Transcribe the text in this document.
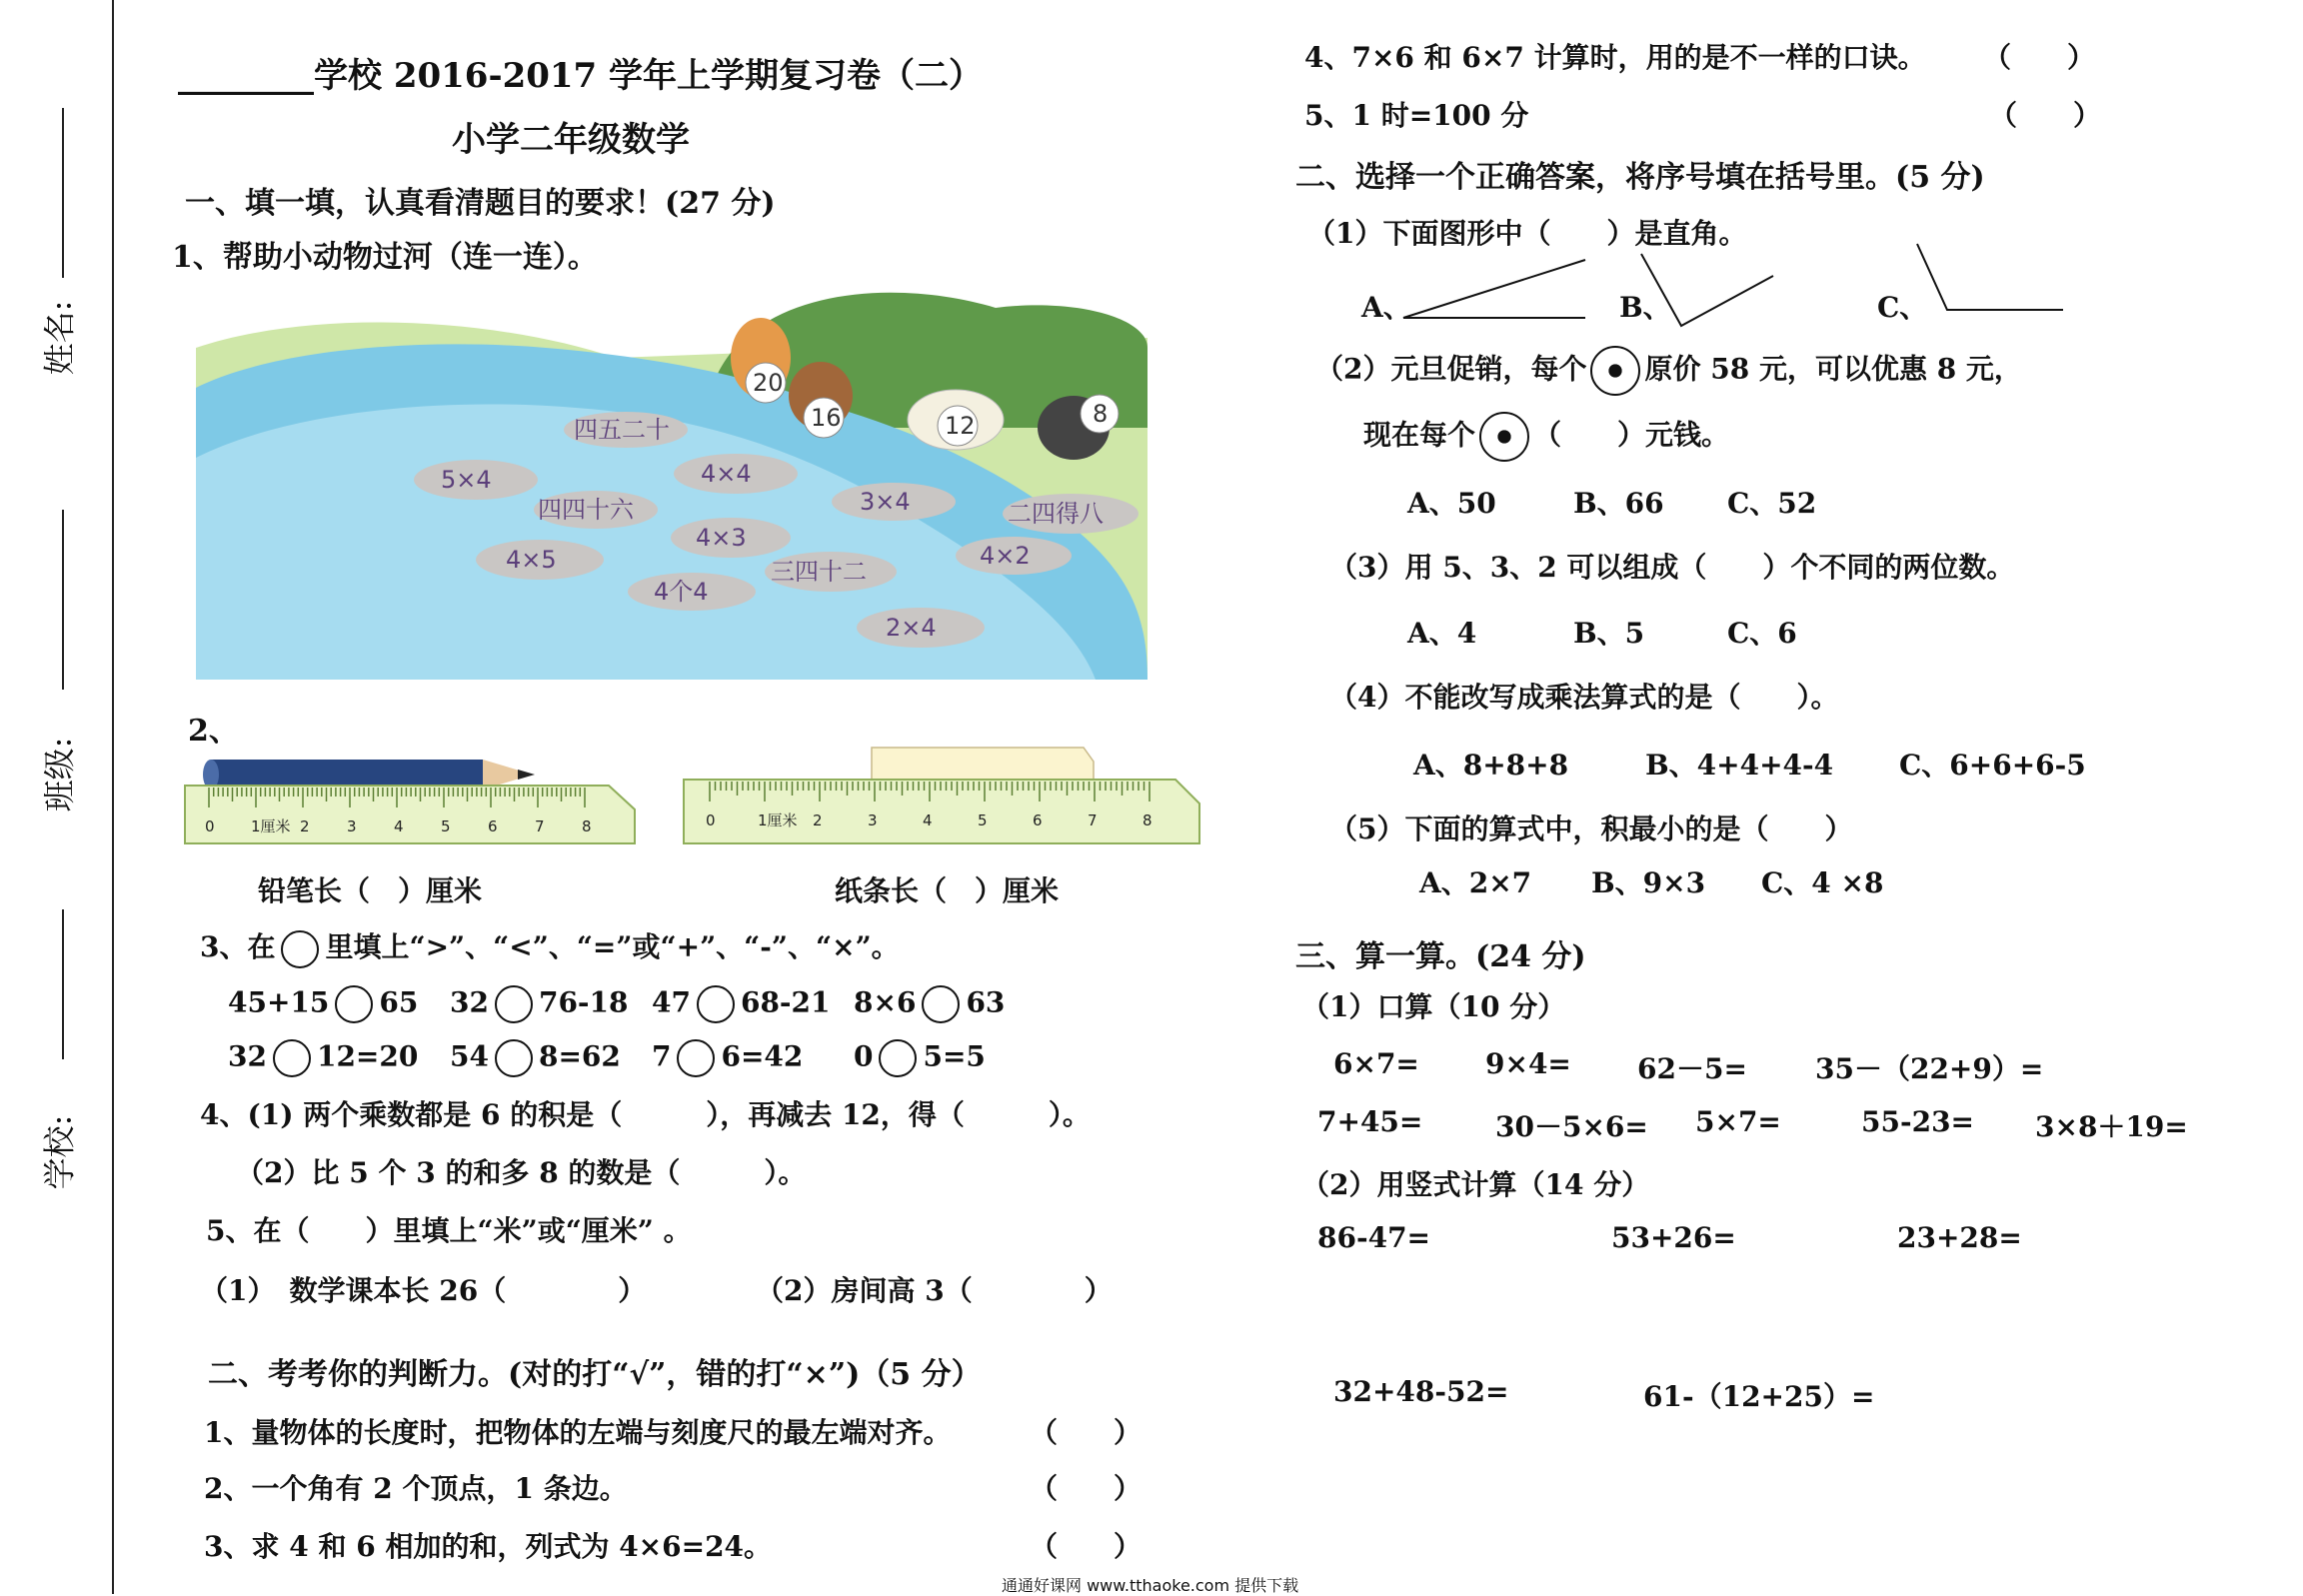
姓名:
班级:
学校:
________学校 2016-2017 学年上学期复习卷（二）
小学二年级数学
一、填一填，认真看清题目的要求！(27 分)
1、帮助小动物过河（连一连）。
20
16	12	8
四五二十
5×4	4×4
3×4
四四十六
4×3
二四得八
4×5	三四十二
4×2
4个4
2×4
2、
0 1厘米 2 3 4 5 6 7 8	0	1厘米 2	3	4	5	6	7	8
铅笔长（　）厘米	纸条长（　）厘米
3、在 里填上“>”、“<”、“=”或“+”、“-”、“×”。
45+15 65 32 76-18 47 68-21 8×6 63
32 12=20 54 8=62 7 6=42 0 5=5
4、(1) 两个乘数都是 6 的积是（　　　），再减去 12，得（　　　）。
（2）比 5 个 3 的和多 8 的数是（　　　）。
5、在（　　）里填上“米”或“厘米” 。
（1）　数学课本长 26（　　　　）	（2）房间高 3（　　　　）
二、考考你的判断力。(对的打“√”，错的打“×”)（5 分）
1、量物体的长度时，把物体的左端与刻度尺的最左端对齐。	（　　）
2、一个角有 2 个顶点，1 条边。	（　　）
3、求 4 和 6 相加的和，列式为 4×6=24。	（　　）
4、7×6 和 6×7 计算时，用的是不一样的口诀。 （　　）
5、1 时=100 分	（　　）
二、选择一个正确答案，将序号填在括号里。(5 分)
（1）下面图形中（　　）是直角。
A、	B、	C、
（2）元旦促销，每个 原价 58 元，可以优惠 8 元，
现在每个 （　　）元钱。
A、50	B、66 C、52
（3）用 5、3、2 可以组成（　　）个不同的两位数。
A、4	B、5	C、6
（4）不能改写成乘法算式的是（　　）。
A、8+8+8	B、4+4+4-4 C、6+6+6-5
（5）下面的算式中，积最小的是（　　）
A、2×7 B、9×3 C、4 ×8
三、算一算。(24 分)
（1）口算（10 分）
6×7= 9×4= 62－5= 35－（22+9）=
7+45=	30－5×6= 5×7=	55-23= 3×8＋19=
（2）用竖式计算（14 分）
86-47=	53+26=	23+28=
32+48-52=	61-（12+25）=
通通好课网 www.tthaoke.com 提供下载
